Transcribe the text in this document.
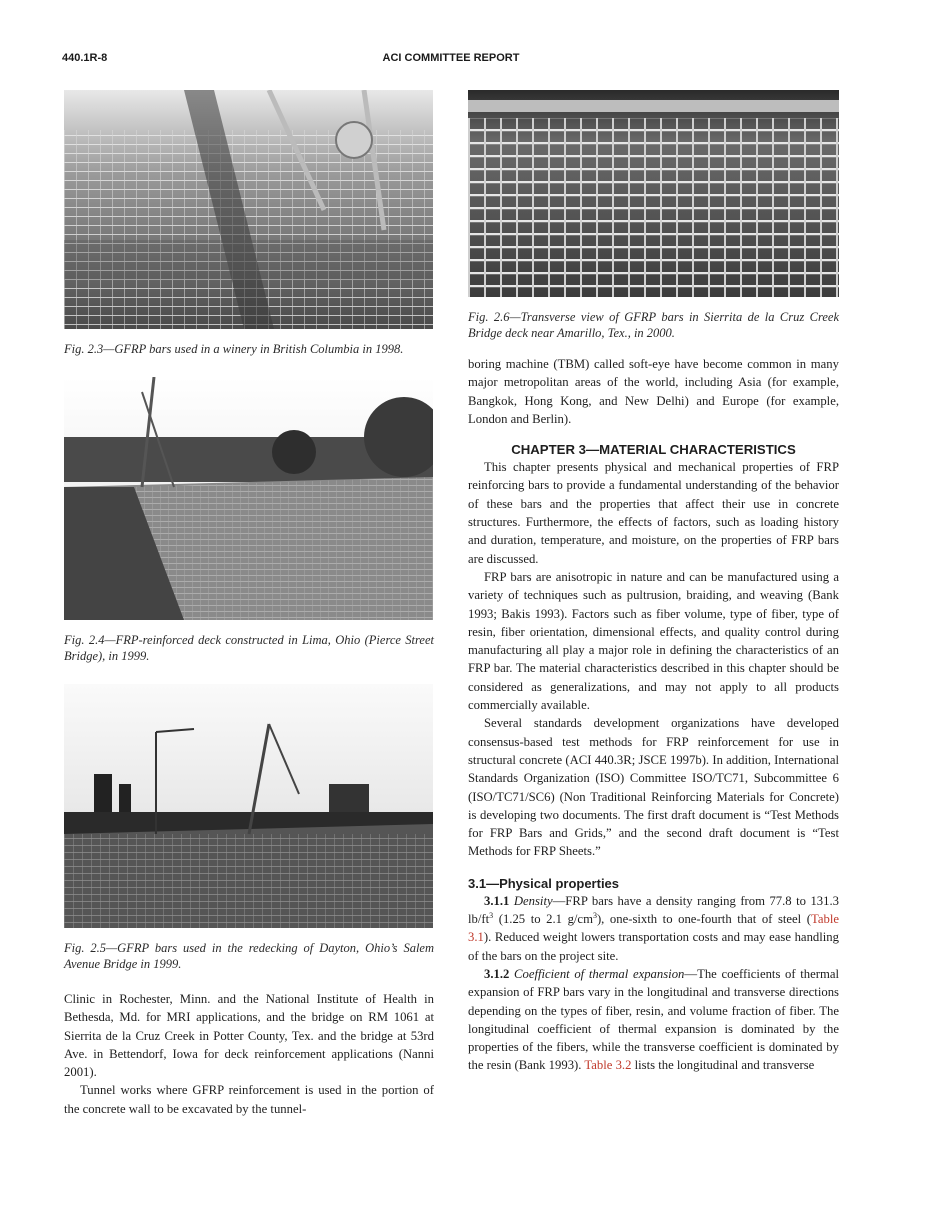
440.1R-8	ACI COMMITTEE REPORT
Fig. 2.3—GFRP bars used in a winery in British Columbia in 1998.
Fig. 2.4—FRP-reinforced deck constructed in Lima, Ohio (Pierce Street Bridge), in 1999.
Fig. 2.5—GFRP bars used in the redecking of Dayton, Ohio’s Salem Avenue Bridge in 1999.

Clinic in Rochester, Minn. and the National Institute of Health in Bethesda, Md. for MRI applications, and the bridge on RM 1061 at Sierrita de la Cruz Creek in Potter County, Tex. and the bridge at 53rd Ave. in Bettendorf, Iowa for deck reinforcement applications (Nanni 2001).

Tunnel works where GFRP reinforcement is used in the portion of the concrete wall to be excavated by the tunnel-

Fig. 2.6—Transverse view of GFRP bars in Sierrita de la Cruz Creek Bridge deck near Amarillo, Tex., in 2000.

boring machine (TBM) called soft-eye have become common in many major metropolitan areas of the world, including Asia (for example, Bangkok, Hong Kong, and New Delhi) and Europe (for example, London and Berlin).

CHAPTER 3—MATERIAL CHARACTERISTICS

This chapter presents physical and mechanical properties of FRP reinforcing bars to provide a fundamental understanding of the behavior of these bars and the properties that affect their use in concrete structures. Furthermore, the effects of factors, such as loading history and duration, temperature, and moisture, on the properties of FRP bars are discussed.

FRP bars are anisotropic in nature and can be manufactured using a variety of techniques such as pultrusion, braiding, and weaving (Bank 1993; Bakis 1993). Factors such as fiber volume, type of fiber, type of resin, fiber orientation, dimensional effects, and quality control during manufacturing all play a major role in defining the characteristics of an FRP bar. The material characteristics described in this chapter should be considered as generalizations, and may not apply to all products commercially available.

Several standards development organizations have developed consensus-based test methods for FRP reinforcement for use in structural concrete (ACI 440.3R; JSCE 1997b). In addition, International Standards Organization (ISO) Committee ISO/TC71, Subcommittee 6 (ISO/TC71/SC6) (Non Traditional Reinforcing Materials for Concrete) is developing two documents. The first draft document is “Test Methods for FRP Bars and Grids,” and the second draft document is “Test Methods for FRP Sheets.”

3.1—Physical properties

3.1.1 Density—FRP bars have a density ranging from 77.8 to 131.3 $lb/ft^3$ (1.25 to 2.1 $g/cm^3$), one-sixth to one-fourth that of steel (Table 3.1). Reduced weight lowers transportation costs and may ease handling of the bars on the project site.

3.1.2 Coefficient of thermal expansion—The coefficients of thermal expansion of FRP bars vary in the longitudinal and transverse directions depending on the types of fiber, resin, and volume fraction of fiber. The longitudinal coefficient of thermal expansion is dominated by the properties of the fibers, while the transverse coefficient is dominated by the resin (Bank 1993). Table 3.2 lists the longitudinal and transverse
